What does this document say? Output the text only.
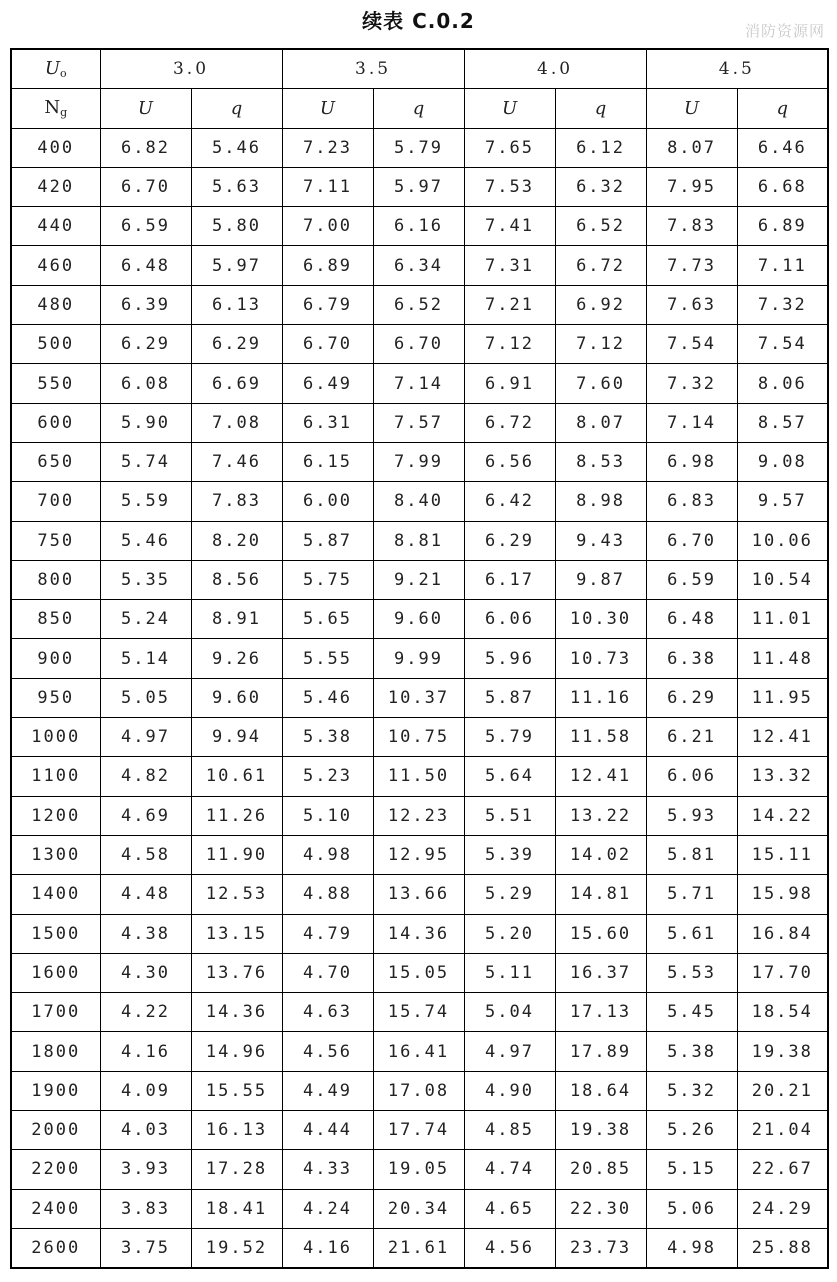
续表 C.0.2	消防资源网
$U_o$	3.0		3.5		4.0		4.5	
$N_g$	U	q	U	q	U	q	U	q
400	6.82	5.46	7.23	5.79	7.65	6.12	8.07	6.46
420	6.70	5.63	7.11	5.97	7.53	6.32	7.95	6.68
440	6.59	5.80	7.00	6.16	7.41	6.52	7.83	6.89
460	6.48	5.97	6.89	6.34	7.31	6.72	7.73	7.11
480	6.39	6.13	6.79	6.52	7.21	6.92	7.63	7.32
500	6.29	6.29	6.70	6.70	7.12	7.12	7.54	7.54
550	6.08	6.69	6.49	7.14	6.91	7.60	7.32	8.06
600	5.90	7.08	6.31	7.57	6.72	8.07	7.14	8.57
650	5.74	7.46	6.15	7.99	6.56	8.53	6.98	9.08
700	5.59	7.83	6.00	8.40	6.42	8.98	6.83	9.57
750	5.46	8.20	5.87	8.81	6.29	9.43	6.70	10.06
800	5.35	8.56	5.75	9.21	6.17	9.87	6.59	10.54
850	5.24	8.91	5.65	9.60	6.06	10.30	6.48	11.01
900	5.14	9.26	5.55	9.99	5.96	10.73	6.38	11.48
950	5.05	9.60	5.46	10.37	5.87	11.16	6.29	11.95
1000	4.97	9.94	5.38	10.75	5.79	11.58	6.21	12.41
1100	4.82	10.61	5.23	11.50	5.64	12.41	6.06	13.32
1200	4.69	11.26	5.10	12.23	5.51	13.22	5.93	14.22
1300	4.58	11.90	4.98	12.95	5.39	14.02	5.81	15.11
1400	4.48	12.53	4.88	13.66	5.29	14.81	5.71	15.98
1500	4.38	13.15	4.79	14.36	5.20	15.60	5.61	16.84
1600	4.30	13.76	4.70	15.05	5.11	16.37	5.53	17.70
1700	4.22	14.36	4.63	15.74	5.04	17.13	5.45	18.54
1800	4.16	14.96	4.56	16.41	4.97	17.89	5.38	19.38
1900	4.09	15.55	4.49	17.08	4.90	18.64	5.32	20.21
2000	4.03	16.13	4.44	17.74	4.85	19.38	5.26	21.04
2200	3.93	17.28	4.33	19.05	4.74	20.85	5.15	22.67
2400	3.83	18.41	4.24	20.34	4.65	22.30	5.06	24.29
2600	3.75	19.52	4.16	21.61	4.56	23.73	4.98	25.88
